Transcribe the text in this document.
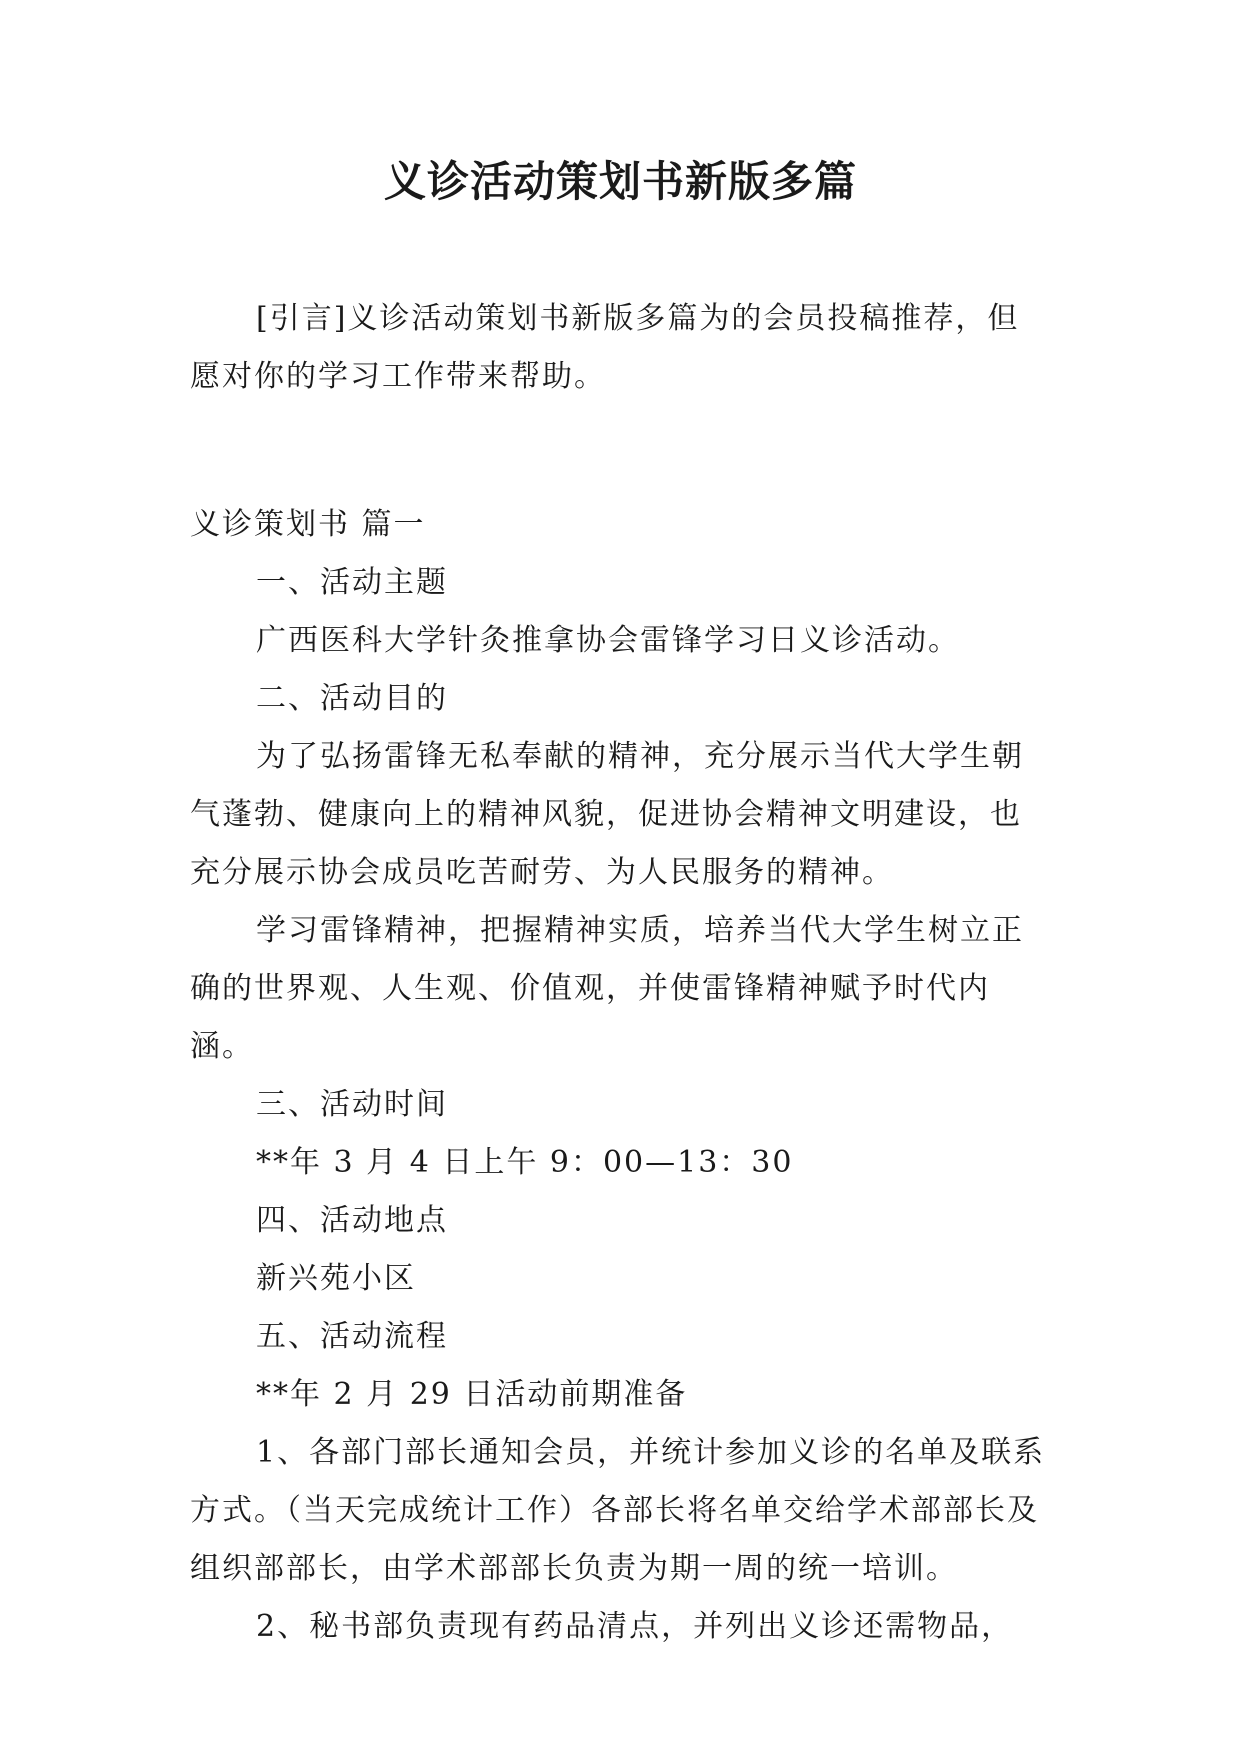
义诊活动策划书新版多篇

[引言]义诊活动策划书新版多篇为的会员投稿推荐，但愿对你的学习工作带来帮助。

义诊策划书 篇一

一、活动主题

广西医科大学针灸推拿协会雷锋学习日义诊活动。

二、活动目的

为了弘扬雷锋无私奉献的精神，充分展示当代大学生朝气蓬勃、健康向上的精神风貌，促进协会精神文明建设，也充分展示协会成员吃苦耐劳、为人民服务的精神。

学习雷锋精神，把握精神实质，培养当代大学生树立正确的世界观、人生观、价值观，并使雷锋精神赋予时代内涵。

三、活动时间

**年 3 月 4 日上午 9：00—13：30

四、活动地点

新兴苑小区

五、活动流程

**年 2 月 29 日活动前期准备

1、各部门部长通知会员，并统计参加义诊的名单及联系方式。（当天完成统计工作）各部长将名单交给学术部部长及组织部部长，由学术部部长负责为期一周的统一培训。

2、秘书部负责现有药品清点，并列出义诊还需物品，
